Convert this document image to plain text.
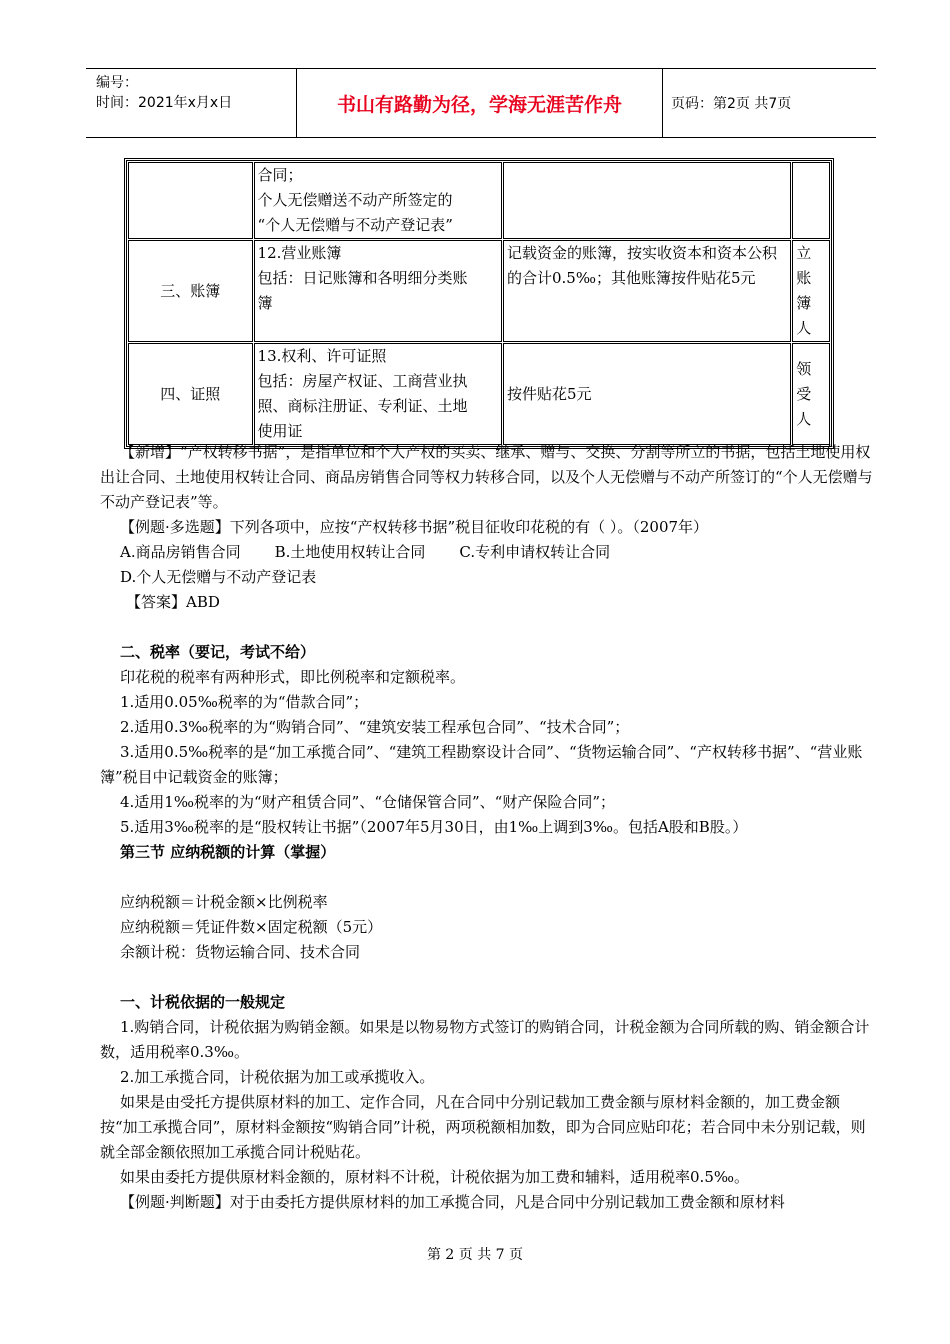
编号：
时间：2021年x月x日	书山有路勤为径，学海无涯苦作舟	页码：第2页 共7页

	合同；
个人无偿赠送不动产所签定的
“个人无偿赠与不动产登记表”		

三、账簿	12.营业账簿
包括：日记账簿和各明细分类账
簿	记载资金的账簿，按实收资本和资本公积的合计0.5‰；其他账簿按件贴花5元	立账簿人
四、证照	13.权利、许可证照
包括：房屋产权证、工商营业执
照、商标注册证、专利证、土地
使用证	按件贴花5元	领受人

【新增】“产权转移书据”，是指单位和个人产权的买卖、继承、赠与、交换、分割等所立的书据，包括土地使用权出让合同、土地使用权转让合同、商品房销售合同等权力转移合同，以及个人无偿赠与不动产所签订的“个人无偿赠与不动产登记表”等。

【例题·多选题】下列各项中，应按“产权转移书据”税目征收印花税的有（ ）。（2007年）

A.商品房销售合同 B.土地使用权转让合同 C.专利申请权转让合同

D.个人无偿赠与不动产登记表

【答案】ABD

二、税率（要记，考试不给）

印花税的税率有两种形式，即比例税率和定额税率。

1.适用0.05‰税率的为“借款合同”；

2.适用0.3‰税率的为“购销合同”、“建筑安装工程承包合同”、“技术合同”；

3.适用0.5‰税率的是“加工承揽合同”、“建筑工程勘察设计合同”、“货物运输合同”、“产权转移书据”、“营业账簿”税目中记载资金的账簿；

4.适用1‰税率的为“财产租赁合同”、“仓储保管合同”、“财产保险合同”；

5.适用3‰税率的是“股权转让书据”（2007年5月30日，由1‰上调到3‰。包括A股和B股。）

第三节 应纳税额的计算（掌握）

应纳税额＝计税金额×比例税率

应纳税额＝凭证件数×固定税额（5元）

余额计税：货物运输合同、技术合同

一、计税依据的一般规定

1.购销合同，计税依据为购销金额。如果是以物易物方式签订的购销合同，计税金额为合同所载的购、销金额合计数，适用税率0.3‰。

2.加工承揽合同，计税依据为加工或承揽收入。

如果是由受托方提供原材料的加工、定作合同，凡在合同中分别记载加工费金额与原材料金额的，加工费金额按“加工承揽合同”，原材料金额按“购销合同”计税，两项税额相加数，即为合同应贴印花；若合同中未分别记载，则就全部金额依照加工承揽合同计税贴花。

如果由委托方提供原材料金额的，原材料不计税，计税依据为加工费和辅料，适用税率0.5‰。

【例题·判断题】对于由委托方提供原材料的加工承揽合同，凡是合同中分别记载加工费金额和原材料

第 2 页 共 7 页
